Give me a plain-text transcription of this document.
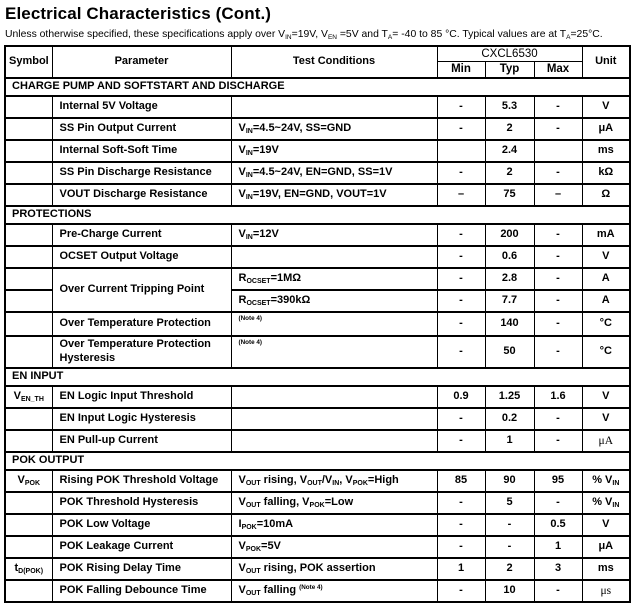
Electrical Characteristics (Cont.)

Unless otherwise specified, these specifications apply over $V_{IN}=19V$, $V_{EN} =5V$ and $T_A= -40$ to 85 °C. Typical values are at $T_A=25^\circ C$.

Symbol	Parameter	Test Conditions	CXCL6530			Unit
			Min	Typ	Max	
CHARGE PUMP AND SOFTSTART AND DISCHARGE						
	Internal 5V Voltage		-	5.3	-	V
	SS Pin Output Current	$V_{IN}=4.5\sim 24V$, SS=GND	-	2	-	μA
	Internal Soft-Soft Time	$V_{IN}=19V$		2.4		ms
	SS Pin Discharge Resistance	$V_{IN}=4.5\sim 24V$, EN=GND, SS=1V	-	2	-	kΩ
	VOUT Discharge Resistance	$V_{IN}=19V$, EN=GND, VOUT=1V	–	75	–	Ω
PROTECTIONS						
	Pre-Charge Current	$V_{IN}=12V$	-	200	-	mA
	OCSET Output Voltage		-	0.6	-	V
	Over Current Tripping Point	$R_{OCSET}=1M\Omega$	-	2.8	-	A
		$R_{OCSET}=390k\Omega$	-	7.7	-	A
	Over Temperature Protection	$^{(Note 4)}$	-	140	-	°C
	Over Temperature Protection Hysteresis	$^{(Note 4)}$	-	50	-	°C
EN INPUT						
$V_{EN\_TH}$	EN Logic Input Threshold		0.9	1.25	1.6	V
	EN Input Logic Hysteresis		-	0.2	-	V
	EN Pull-up Current		-	1	-	μA
POK OUTPUT						
$V_{POK}$	Rising POK Threshold Voltage	$V_{OUT}$ rising, $V_{OUT}/V_{IN}$, $V_{POK}=High$	85	90	95	% $V_{IN}$
	POK Threshold Hysteresis	$V_{OUT}$ falling, $V_{POK}=Low$	-	5	-	% $V_{IN}$
	POK Low Voltage	$I_{POK}=10mA$	-	-	0.5	V
	POK Leakage Current	$V_{POK}=5V$	-	-	1	μA
$t_{D(POK)}$	POK Rising Delay Time	$V_{OUT}$ rising, POK assertion	1	2	3	ms
	POK Falling Debounce Time	$V_{OUT}$ falling $^{(Note 4)}$	-	10	-	μs
